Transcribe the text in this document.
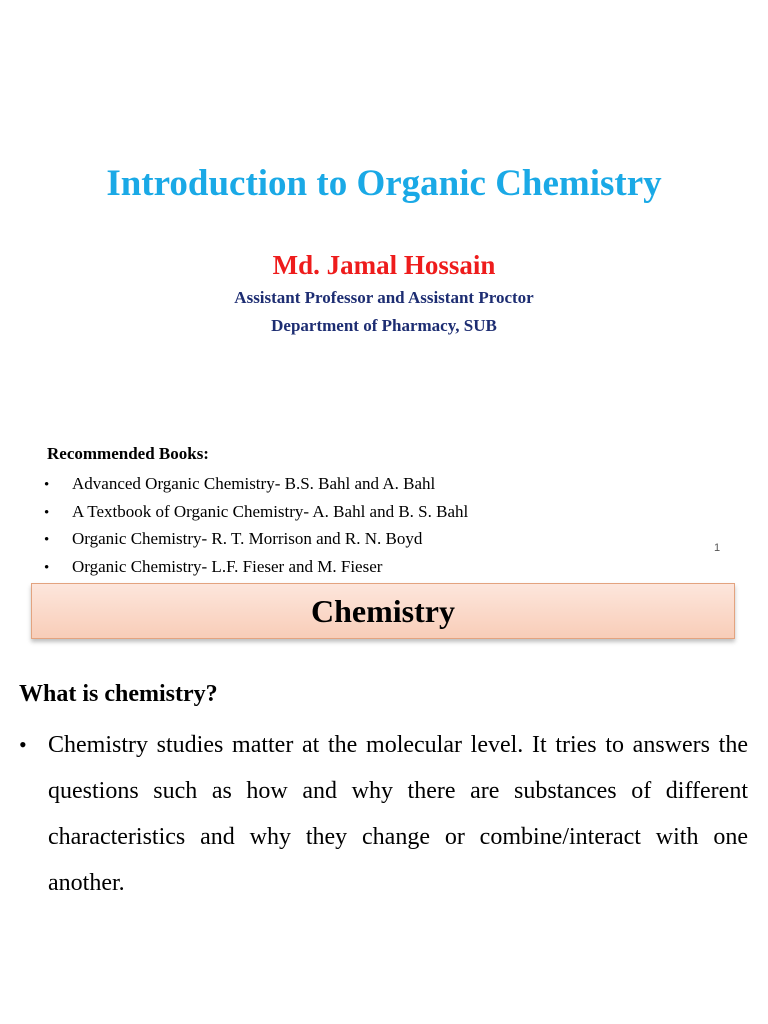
Introduction to Organic Chemistry
Md. Jamal Hossain
Assistant Professor and Assistant Proctor
Department of Pharmacy, SUB
Recommended Books:
• Advanced Organic Chemistry- B.S. Bahl and A. Bahl
• A Textbook of Organic Chemistry- A. Bahl and B. S. Bahl
• Organic Chemistry- R. T. Morrison and R. N. Boyd
• Organic Chemistry- L.F. Fieser and M. Fieser
1
Chemistry
What is chemistry?
• Chemistry studies matter at the molecular level. It tries to answers the questions such as how and why there are substances of different characteristics and why they change or combine/interact with one another.
